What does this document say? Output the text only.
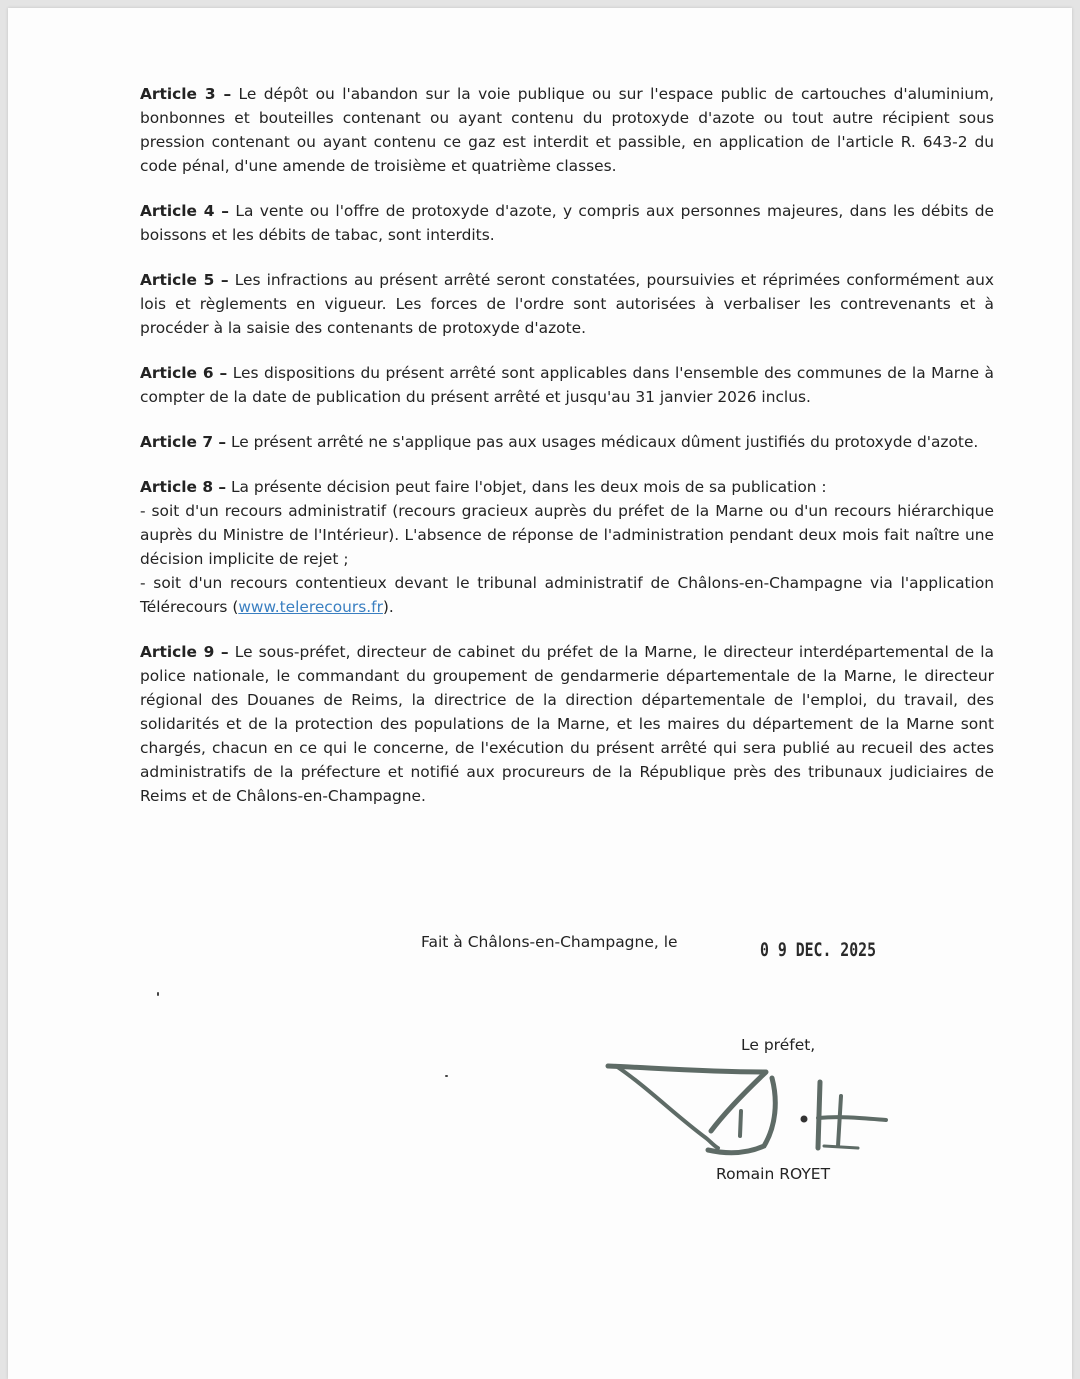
Article 3 – Le dépôt ou l'abandon sur la voie publique ou sur l'espace public de cartouches d'aluminium, bonbonnes et bouteilles contenant ou ayant contenu du protoxyde d'azote ou tout autre récipient sous pression contenant ou ayant contenu ce gaz est interdit et passible, en application de l'article R. 643-2 du code pénal, d'une amende de troisième et quatrième classes.

Article 4 – La vente ou l'offre de protoxyde d'azote, y compris aux personnes majeures, dans les débits de boissons et les débits de tabac, sont interdits.

Article 5 – Les infractions au présent arrêté seront constatées, poursuivies et réprimées conformément aux lois et règlements en vigueur. Les forces de l'ordre sont autorisées à verbaliser les contrevenants et à procéder à la saisie des contenants de protoxyde d'azote.

Article 6 – Les dispositions du présent arrêté sont applicables dans l'ensemble des communes de la Marne à compter de la date de publication du présent arrêté et jusqu'au 31 janvier 2026 inclus.

Article 7 – Le présent arrêté ne s'applique pas aux usages médicaux dûment justifiés du protoxyde d'azote.

Article 8 – La présente décision peut faire l'objet, dans les deux mois de sa publication :
- soit d'un recours administratif (recours gracieux auprès du préfet de la Marne ou d'un recours hiérarchique auprès du Ministre de l'Intérieur). L'absence de réponse de l'administration pendant deux mois fait naître une décision implicite de rejet ;
- soit d'un recours contentieux devant le tribunal administratif de Châlons-en-Champagne via l'application Télérecours (www.telerecours.fr).

Article 9 – Le sous-préfet, directeur de cabinet du préfet de la Marne, le directeur interdépartemental de la police nationale, le commandant du groupement de gendarmerie départementale de la Marne, le directeur régional des Douanes de Reims, la directrice de la direction départementale de l'emploi, du travail, des solidarités et de la protection des populations de la Marne, et les maires du département de la Marne sont chargés, chacun en ce qui le concerne, de l'exécution du présent arrêté qui sera publié au recueil des actes administratifs de la préfecture et notifié aux procureurs de la République près des tribunaux judiciaires de Reims et de Châlons-en-Champagne.

Fait à Châlons-en-Champagne, le	0 9 DEC. 2025
Le préfet,
Romain ROYET
